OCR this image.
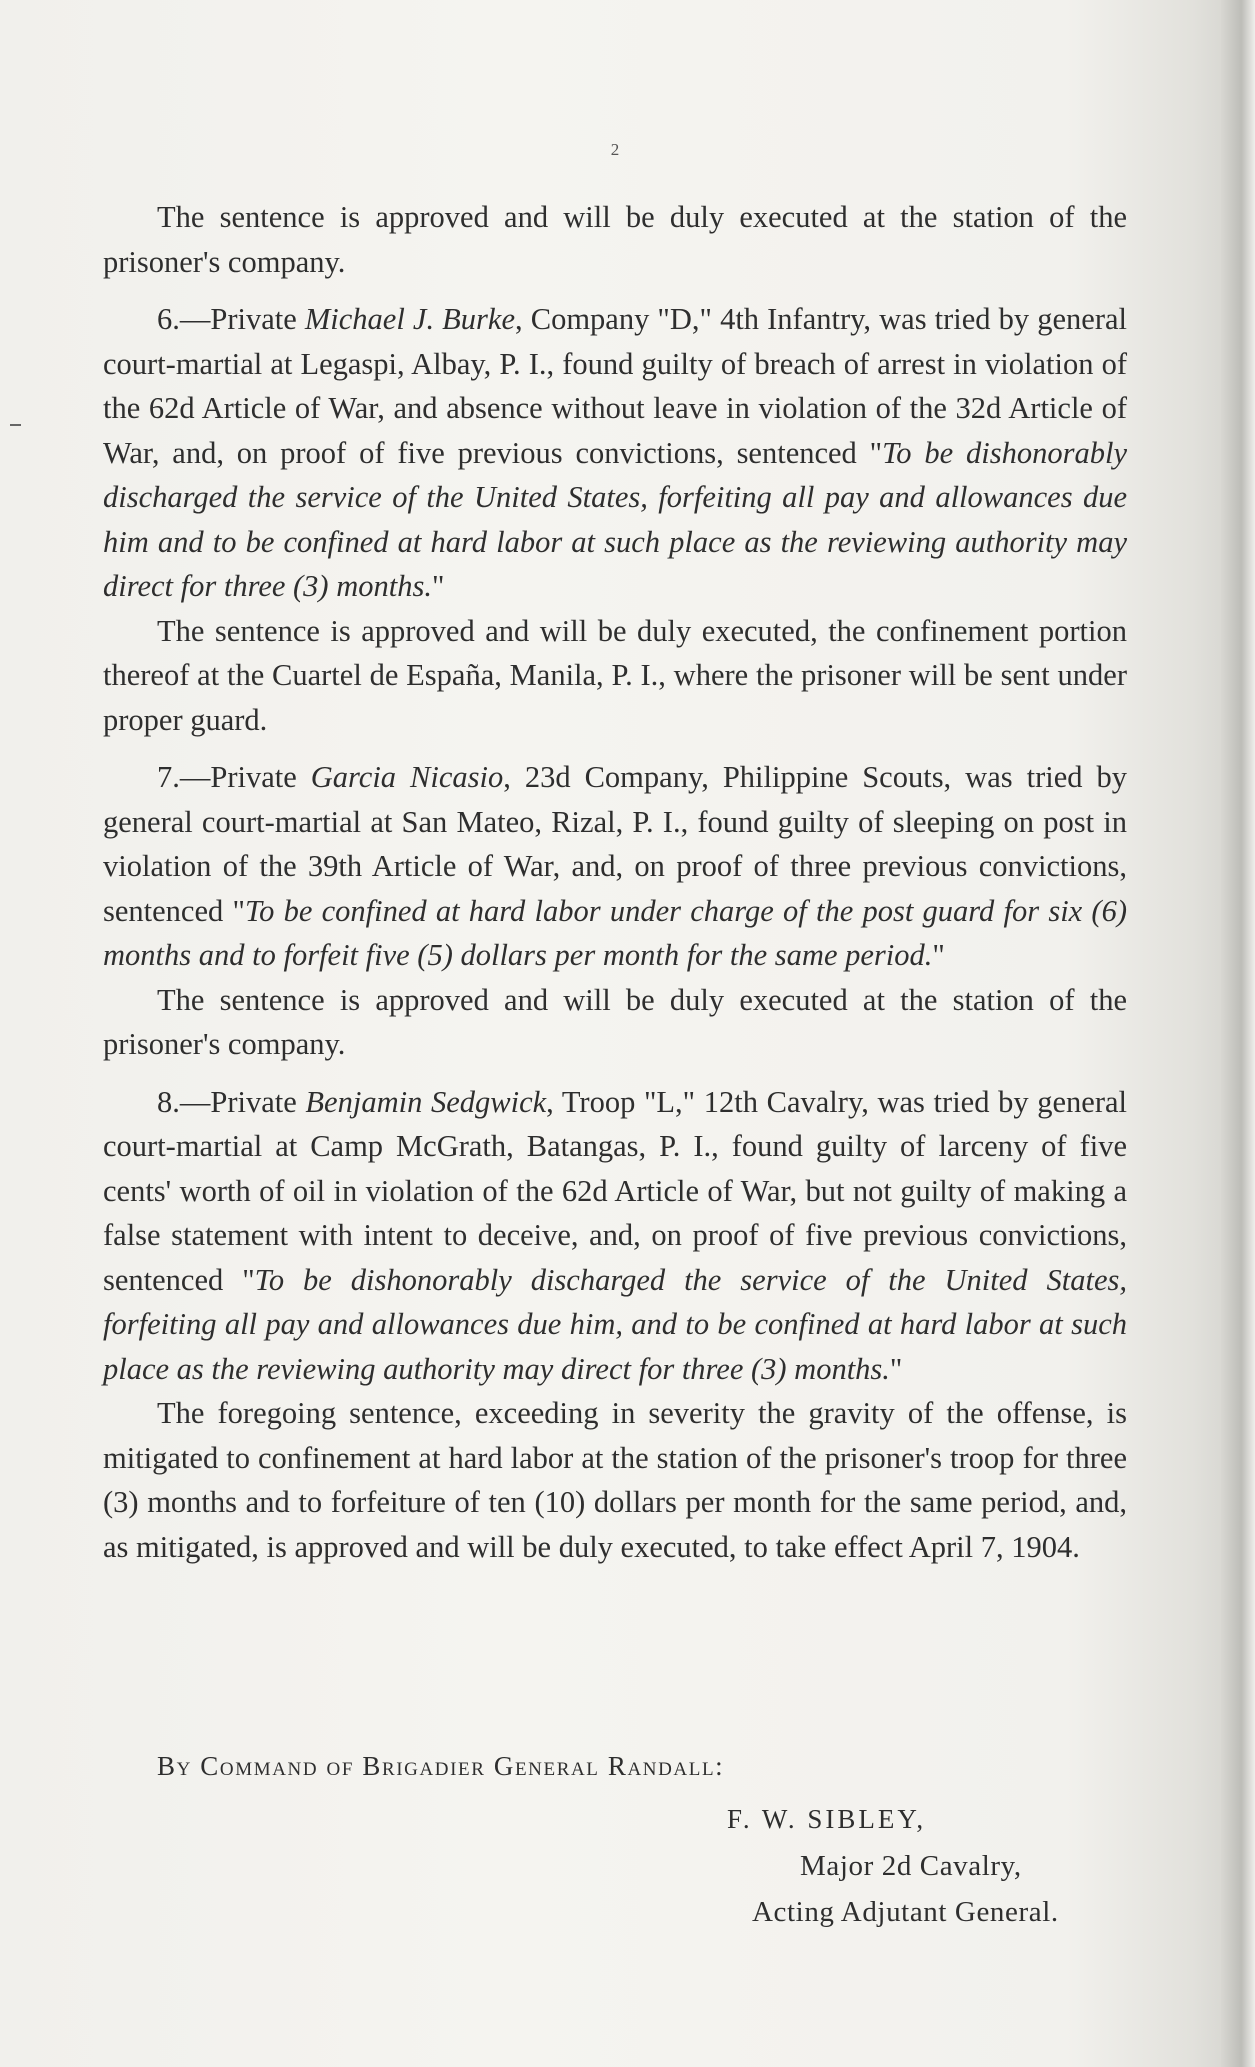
2

The sentence is approved and will be duly executed at the station of the prisoner's company.

6.—Private Michael J. Burke, Company "D," 4th Infantry, was tried by general court-martial at Legaspi, Albay, P. I., found guilty of breach of arrest in violation of the 62d Article of War, and absence without leave in violation of the 32d Article of War, and, on proof of five previous convictions, sentenced "To be dishonorably discharged the service of the United States, forfeiting all pay and allowances due him and to be confined at hard labor at such place as the reviewing authority may direct for three (3) months."

The sentence is approved and will be duly executed, the confinement portion thereof at the Cuartel de España, Manila, P. I., where the prisoner will be sent under proper guard.

7.—Private Garcia Nicasio, 23d Company, Philippine Scouts, was tried by general court-martial at San Mateo, Rizal, P. I., found guilty of sleeping on post in violation of the 39th Article of War, and, on proof of three previous convictions, sentenced "To be confined at hard labor under charge of the post guard for six (6) months and to forfeit five (5) dollars per month for the same period."

The sentence is approved and will be duly executed at the station of the prisoner's company.

8.—Private Benjamin Sedgwick, Troop "L," 12th Cavalry, was tried by general court-martial at Camp McGrath, Batangas, P. I., found guilty of larceny of five cents' worth of oil in violation of the 62d Article of War, but not guilty of making a false statement with intent to deceive, and, on proof of five previous convictions, sentenced "To be dishonorably discharged the service of the United States, forfeiting all pay and allowances due him, and to be confined at hard labor at such place as the reviewing authority may direct for three (3) months."

The foregoing sentence, exceeding in severity the gravity of the offense, is mitigated to confinement at hard labor at the station of the prisoner's troop for three (3) months and to forfeiture of ten (10) dollars per month for the same period, and, as mitigated, is approved and will be duly executed, to take effect April 7, 1904.

By Command of Brigadier General Randall:
F. W. SIBLEY,
Major 2d Cavalry,
Acting Adjutant General.
